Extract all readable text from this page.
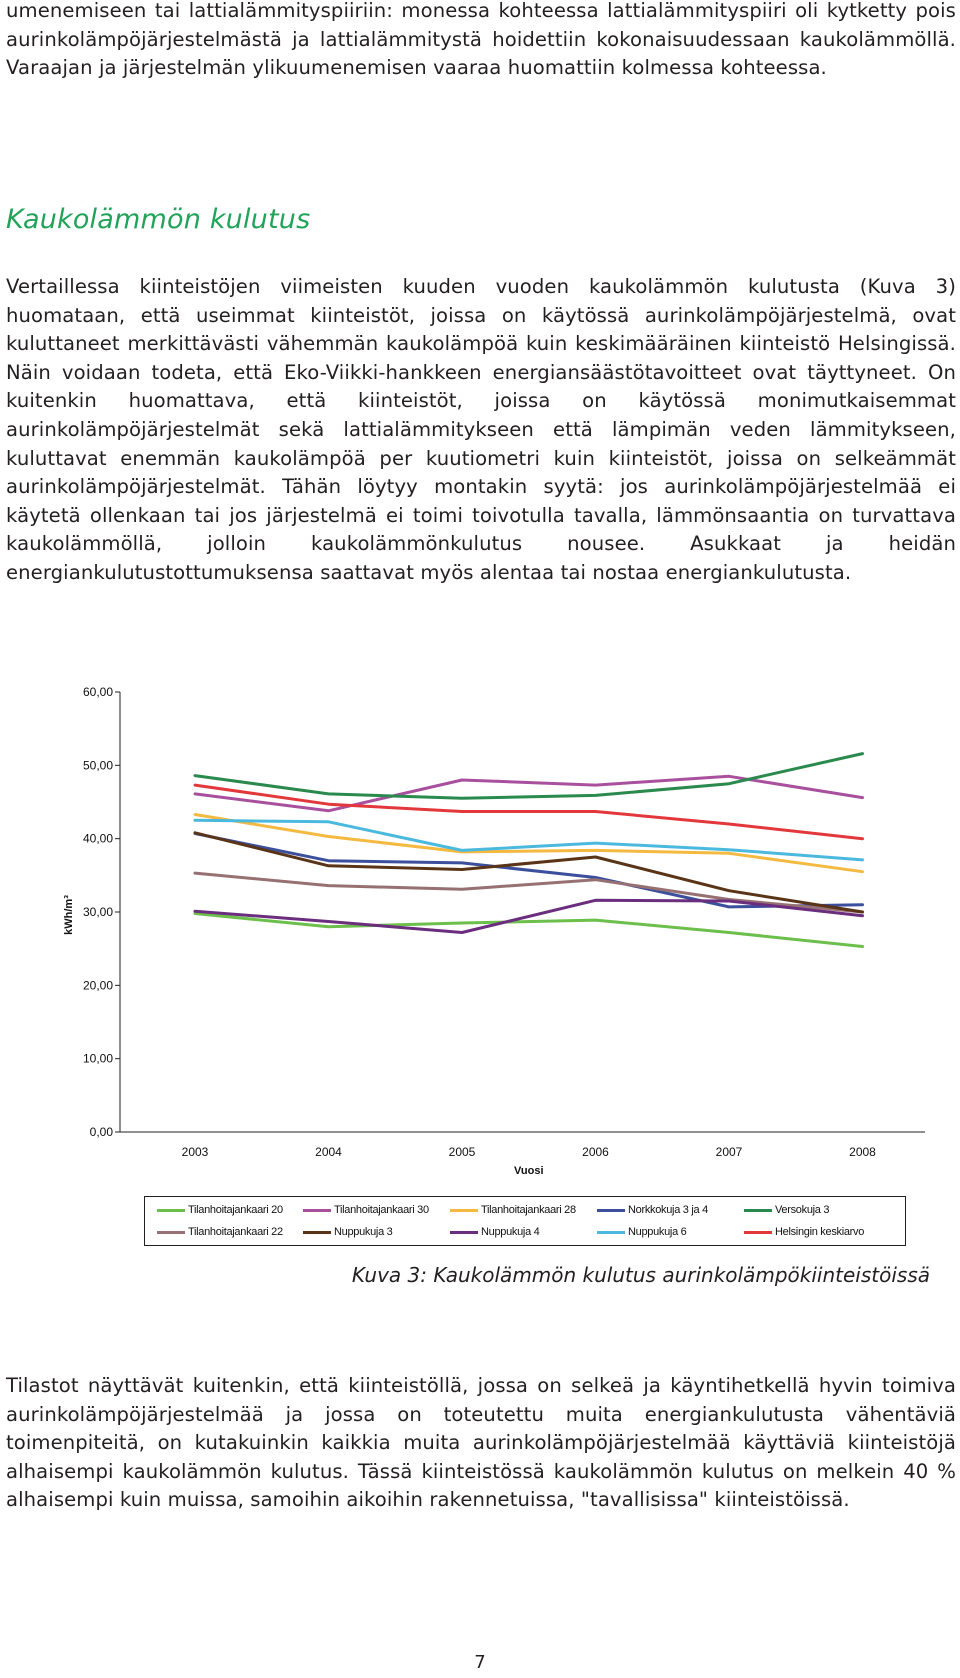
umenemiseen tai lattialämmityspiiriin: monessa kohteessa lattialämmityspiiri oli kytketty pois aurinkolämpöjärjestelmästä ja lattialämmitystä hoidettiin kokonaisuudessaan kaukolämmöllä. Varaajan ja järjestelmän ylikuumenemisen vaaraa huomattiin kolmessa kohteessa.

Kaukolämmön kulutus

Vertaillessa kiinteistöjen viimeisten kuuden vuoden kaukolämmön kulutusta (Kuva 3) huomataan, että useimmat kiinteistöt, joissa on käytössä aurinkolämpöjärjestelmä, ovat kuluttaneet merkittävästi vähemmän kaukolämpöä kuin keskimääräinen kiinteistö Helsingissä. Näin voidaan todeta, että Eko-Viikki-hankkeen energiansäästötavoitteet ovat täyttyneet. On kuitenkin huomattava, että kiinteistöt, joissa on käytössä monimutkaisemmat aurinkolämpöjärjestelmät sekä lattialämmitykseen että lämpimän veden lämmitykseen, kuluttavat enemmän kaukolämpöä per kuutiometri kuin kiinteistöt, joissa on selkeämmät aurinkolämpöjärjestelmät. Tähän löytyy montakin syytä: jos aurinkolämpöjärjestelmää ei käytetä ollenkaan tai jos järjestelmä ei toimi toivotulla tavalla, lämmönsaantia on turvattava kaukolämmöllä, jolloin kaukolämmönkulutus nousee. Asukkaat ja heidän energiankulutustottumuksensa saattavat myös alentaa tai nostaa energiankulutusta.

0,00
10,00
20,00
30,00
40,00
50,00
60,00
kWh/m³
2003	2004	2005	2006	2007	2008
Vuosi
Tilanhoitajankaari 20	Tilanhoitajankaari 30	Tilanhoitajankaari 28	Norkkokuja 3 ja 4	Versokuja 3
Tilanhoitajankaari 22	Nuppukuja 3	Nuppukuja 4	Nuppukuja 6	Helsingin keskiarvo

Kuva 3: Kaukolämmön kulutus aurinkolämpökiinteistöissä

Tilastot näyttävät kuitenkin, että kiinteistöllä, jossa on selkeä ja käyntihetkellä hyvin toimiva aurinkolämpöjärjestelmää ja jossa on toteutettu muita energiankulutusta vähentäviä toimenpiteitä, on kutakuinkin kaikkia muita aurinkolämpöjärjestelmää käyttäviä kiinteistöjä alhaisempi kaukolämmön kulutus. Tässä kiinteistössä kaukolämmön kulutus on melkein 40 % alhaisempi kuin muissa, samoihin aikoihin rakennetuissa, "tavallisissa" kiinteistöissä.

7
